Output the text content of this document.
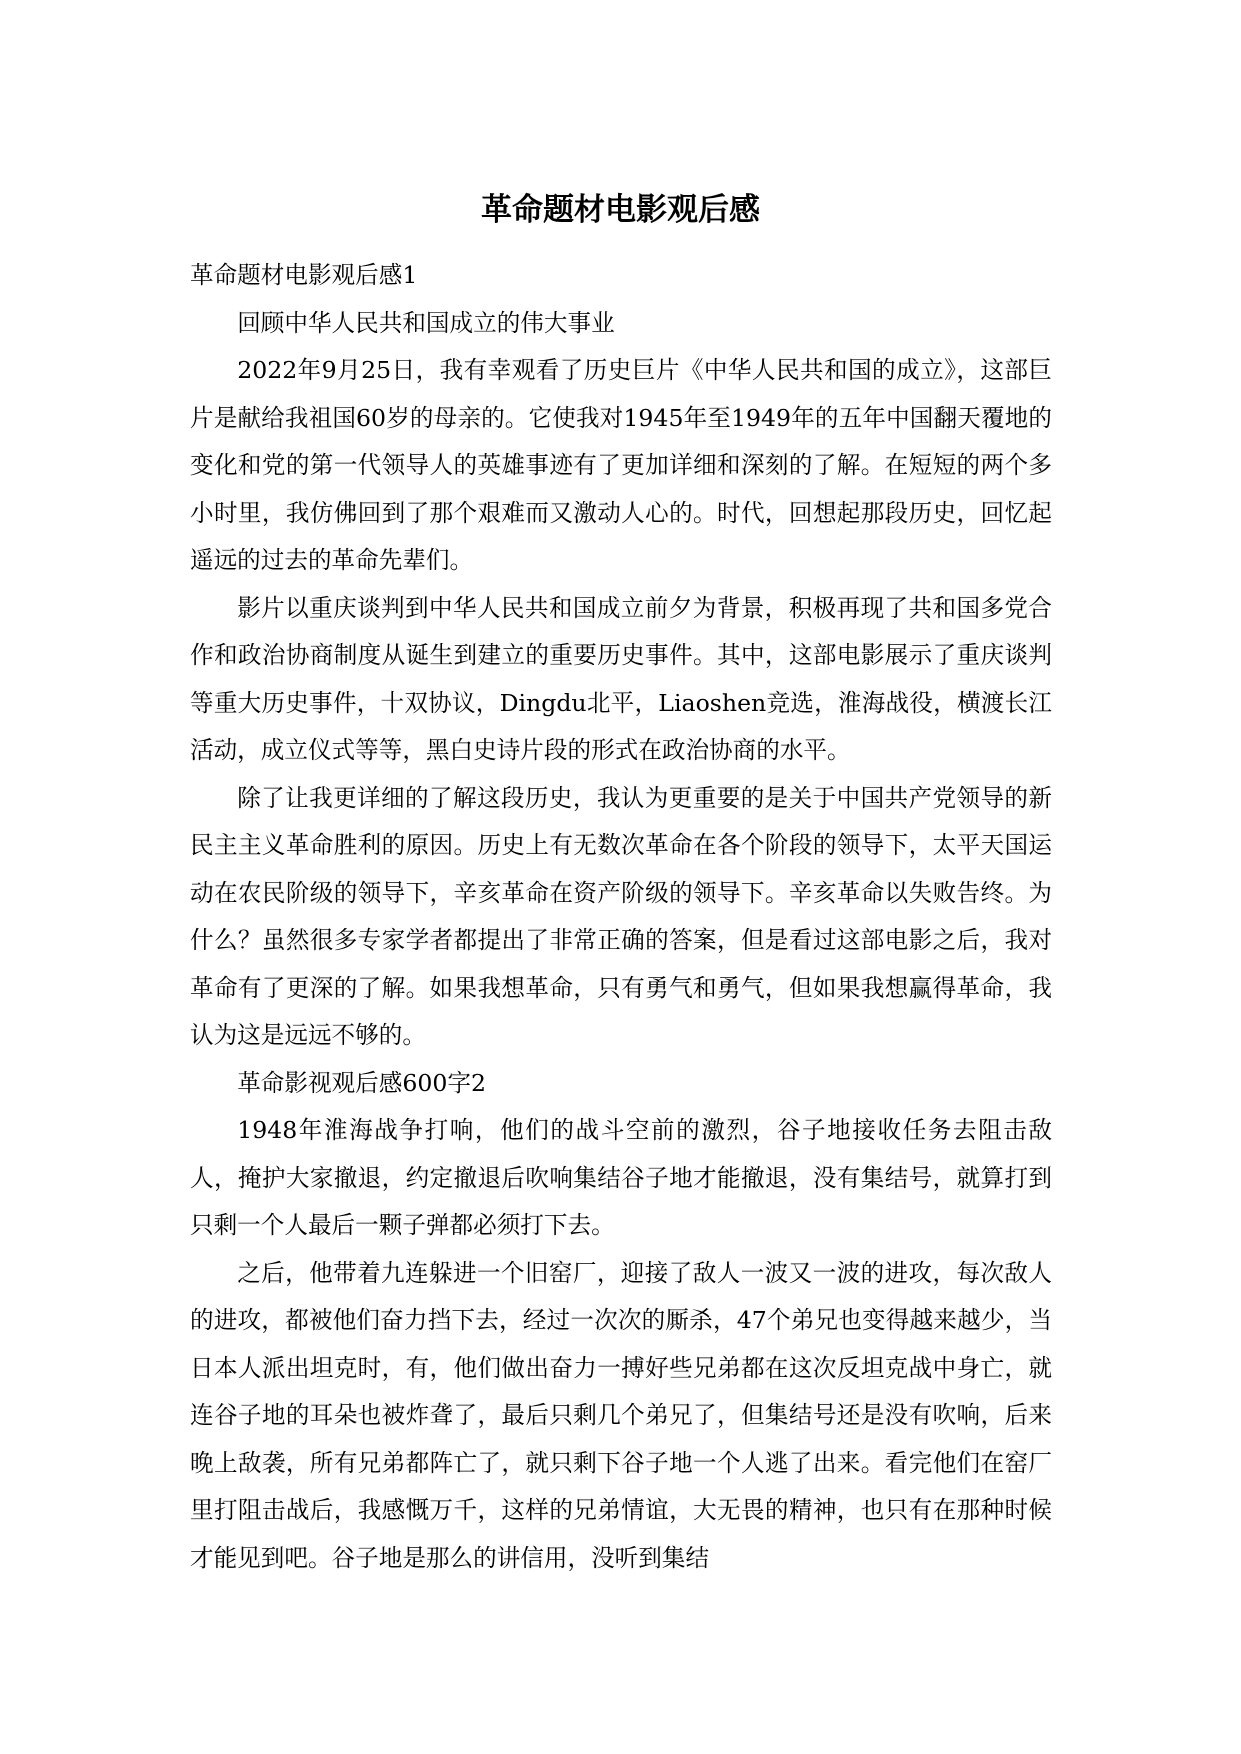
革命题材电影观后感

革命题材电影观后感1

回顾中华人民共和国成立的伟大事业

2022年9月25日，我有幸观看了历史巨片《中华人民共和国的成立》，这部巨片是献给我祖国60岁的母亲的。它使我对1945年至1949年的五年中国翻天覆地的变化和党的第一代领导人的英雄事迹有了更加详细和深刻的了解。在短短的两个多小时里，我仿佛回到了那个艰难而又激动人心的。时代，回想起那段历史，回忆起遥远的过去的革命先辈们。

影片以重庆谈判到中华人民共和国成立前夕为背景，积极再现了共和国多党合作和政治协商制度从诞生到建立的重要历史事件。其中，这部电影展示了重庆谈判等重大历史事件，十双协议，Dingdu北平，Liaoshen竞选，淮海战役，横渡长江活动，成立仪式等等，黑白史诗片段的形式在政治协商的水平。

除了让我更详细的了解这段历史，我认为更重要的是关于中国共产党领导的新民主主义革命胜利的原因。历史上有无数次革命在各个阶段的领导下，太平天国运动在农民阶级的领导下，辛亥革命在资产阶级的领导下。辛亥革命以失败告终。为什么？虽然很多专家学者都提出了非常正确的答案，但是看过这部电影之后，我对革命有了更深的了解。如果我想革命，只有勇气和勇气，但如果我想赢得革命，我认为这是远远不够的。

革命影视观后感600字2

1948年淮海战争打响，他们的战斗空前的激烈，谷子地接收任务去阻击敌人，掩护大家撤退，约定撤退后吹响集结谷子地才能撤退，没有集结号，就算打到只剩一个人最后一颗子弹都必须打下去。

之后，他带着九连躲进一个旧窑厂，迎接了敌人一波又一波的进攻，每次敌人的进攻，都被他们奋力挡下去，经过一次次的厮杀，47个弟兄也变得越来越少，当日本人派出坦克时，有，他们做出奋力一搏好些兄弟都在这次反坦克战中身亡，就连谷子地的耳朵也被炸聋了，最后只剩几个弟兄了，但集结号还是没有吹响，后来晚上敌袭，所有兄弟都阵亡了，就只剩下谷子地一个人逃了出来。看完他们在窑厂里打阻击战后，我感慨万千，这样的兄弟情谊，大无畏的精神，也只有在那种时候才能见到吧。谷子地是那么的讲信用，没听到集结
